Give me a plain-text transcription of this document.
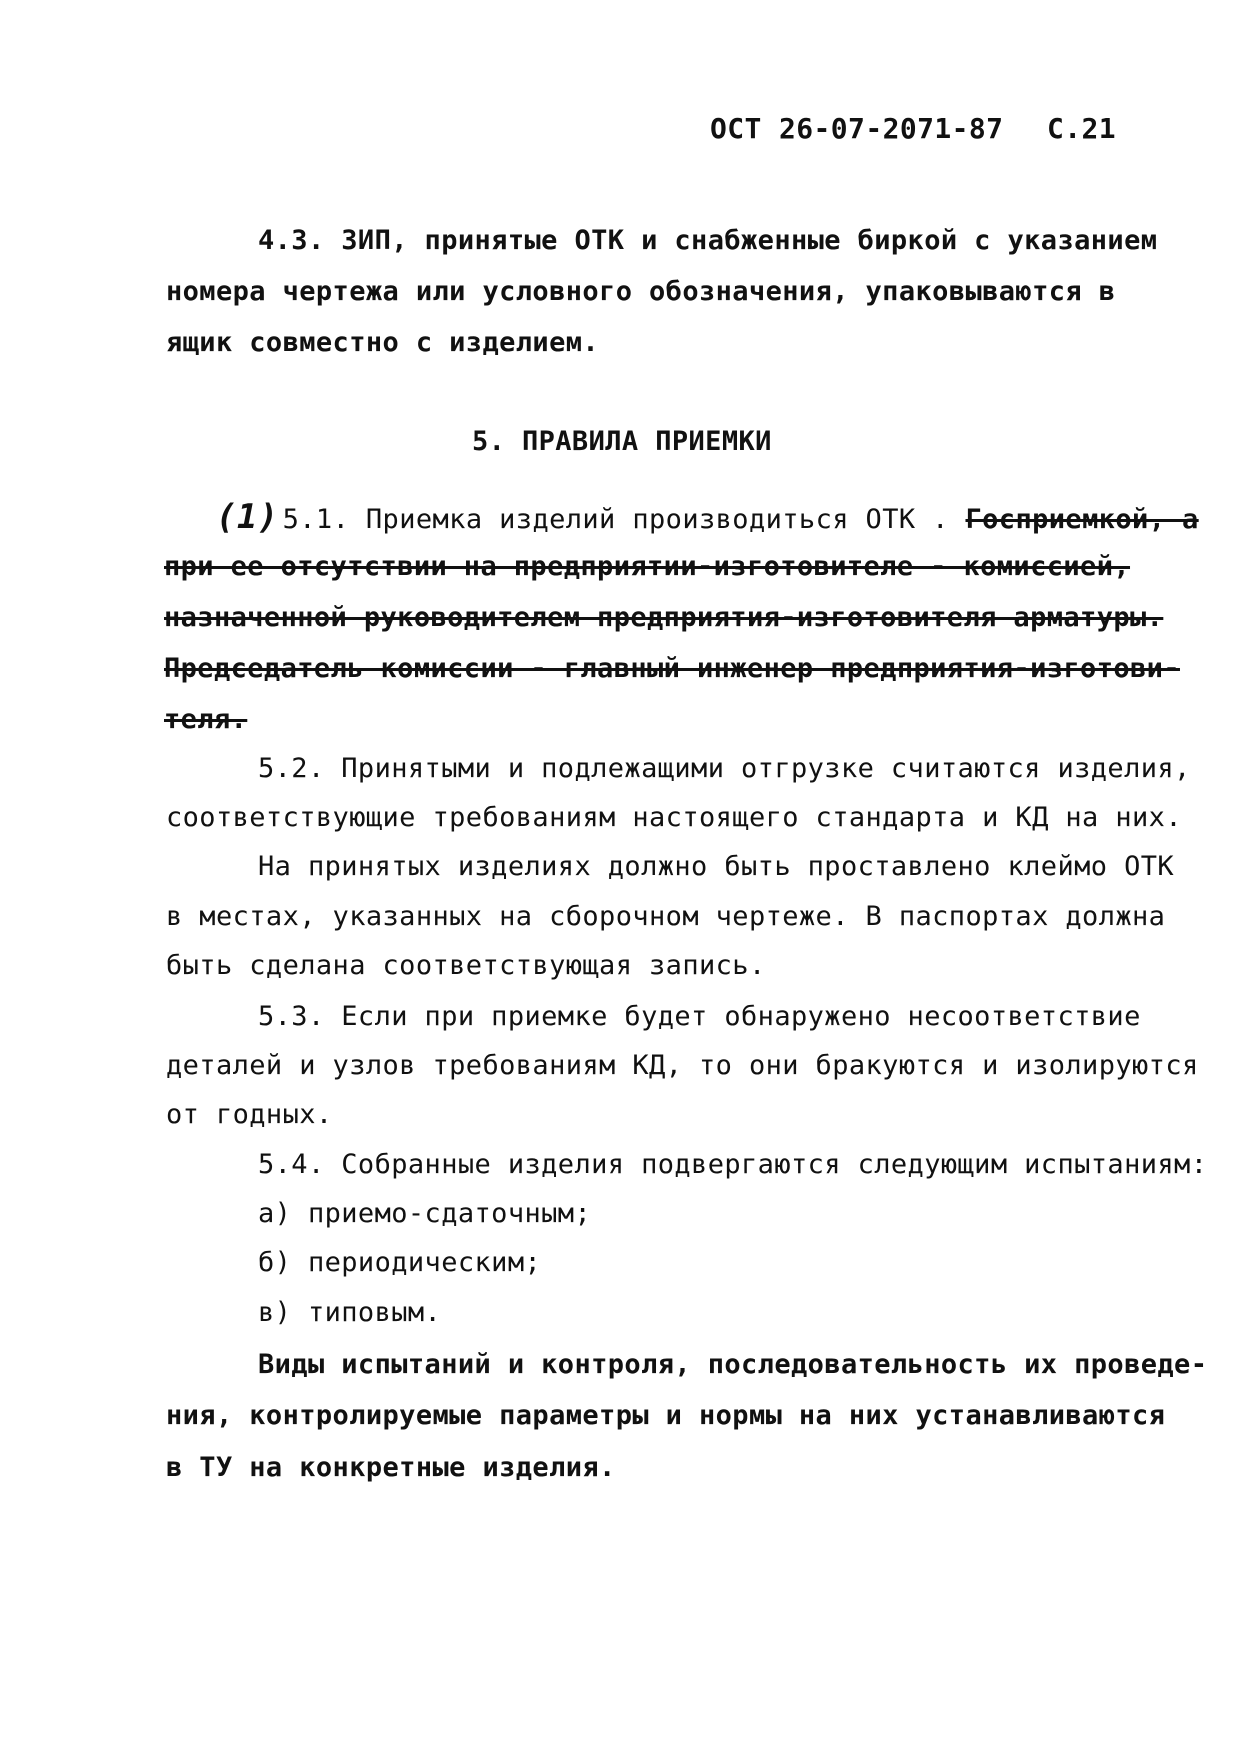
ОСТ 26-07-2071-87 С.21
4.3. ЗИП, принятые ОТК и снабженные биркой с указанием
номера чертежа или условного обозначения, упаковываются в
ящик совместно с изделием.
5. ПРАВИЛА ПРИЕМКИ
(1) 5.1. Приемка изделий производиться ОТК . Госприемкой, а
при ее отсутствии на предприятии-изготовителе - комиссией,
назначенной руководителем предприятия-изготовителя арматуры.
Председатель комиссии - главный инженер предприятия-изготови-
теля.
5.2. Принятыми и подлежащими отгрузке считаются изделия,
соответствующие требованиям настоящего стандарта и КД на них.
На принятых изделиях должно быть проставлено клеймо ОТК
в местах, указанных на сборочном чертеже. В паспортах должна
быть сделана соответствующая запись.
5.3. Если при приемке будет обнаружено несоответствие
деталей и узлов требованиям КД, то они бракуются и изолируются
от годных.
5.4. Собранные изделия подвергаются следующим испытаниям:
а) приемо-сдаточным;
б) периодическим;
в) типовым.
Виды испытаний и контроля, последовательность их проведе-
ния, контролируемые параметры и нормы на них устанавливаются
в ТУ на конкретные изделия.
